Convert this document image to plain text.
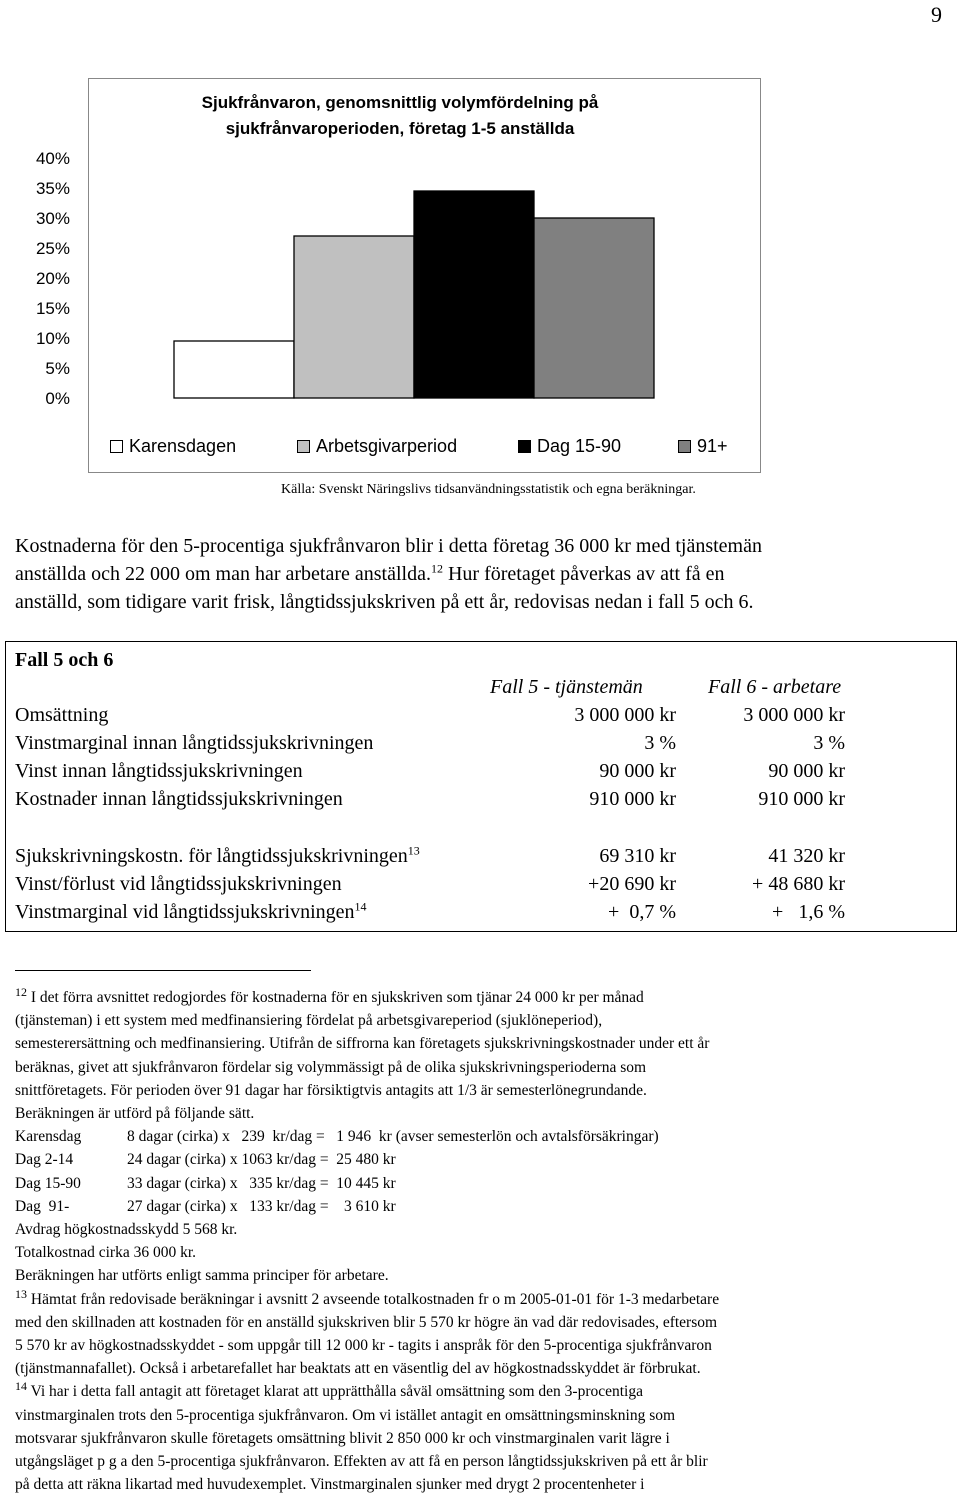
9
Sjukfrånvaron, genomsnittlig volymfördelning på
sjukfrånvaroperioden, företag 1-5 anställda
0%
5%
10%
15%
20%
25%
30%
35%
40%
Karensdagen	Arbetsgivarperiod	Dag 15-90	91+
Källa: Svenskt Näringslivs tidsanvändningsstatistik och egna beräkningar.
Kostnaderna för den 5-procentiga sjukfrånvaron blir i detta företag 36 000 kr med tjänstemän
anställda och 22 000 om man har arbetare anställda.$^{12}$ Hur företaget påverkas av att få en
anställd, som tidigare varit frisk, långtidssjukskriven på ett år, redovisas nedan i fall 5 och 6.
Fall 5 och 6
Fall 5 - tjänstemän	Fall 6 - arbetare
Omsättning	3 000 000 kr	3 000 000 kr
Vinstmarginal innan långtidssjukskrivningen	3 %	3 %
Vinst innan långtidssjukskrivningen	90 000 kr	90 000 kr
Kostnader innan långtidssjukskrivningen	910 000 kr	910 000 kr
Sjukskrivningskostn. för långtidssjukskrivningen$^{13}$	69 310 kr	41 320 kr
Vinst/förlust vid långtidssjukskrivningen	+20 690 kr	+ 48 680 kr
Vinstmarginal vid långtidssjukskrivningen$^{14}$	+  0,7 %	+   1,6 %

$^{12}$ I det förra avsnittet redogjordes för kostnaderna för en sjukskriven som tjänar 24 000 kr per månad

(tjänsteman) i ett system med medfinansiering fördelat på arbetsgivareperiod (sjuklöneperiod),

semesterersättning och medfinansiering. Utifrån de siffrorna kan företagets sjukskrivningskostnader under ett år

beräknas, givet att sjukfrånvaron fördelar sig volymmässigt på de olika sjukskrivningsperioderna som

snittföretagets. För perioden över 91 dagar har försiktigtvis antagits att 1/3 är semesterlönegrundande.

Beräkningen är utförd på följande sätt.

Karensdag	8 dagar (cirka) x   239  kr/dag =   1 946  kr (avser semesterlön och avtalsförsäkringar)
Dag 2-14	24 dagar (cirka) x 1063 kr/dag =  25 480 kr
Dag 15-90	33 dagar (cirka) x   335 kr/dag =  10 445 kr
Dag  91-	27 dagar (cirka) x   133 kr/dag =    3 610 kr

Avdrag högkostnadsskydd 5 568 kr.

Totalkostnad cirka 36 000 kr.

Beräkningen har utförts enligt samma principer för arbetare.

$^{13}$ Hämtat från redovisade beräkningar i avsnitt 2 avseende totalkostnaden fr o m 2005-01-01 för 1-3 medarbetare

med den skillnaden att kostnaden för en anställd sjukskriven blir 5 570 kr högre än vad där redovisades, eftersom

5 570 kr av högkostnadsskyddet - som uppgår till 12 000 kr - tagits i anspråk för den 5-procentiga sjukfrånvaron

(tjänstmannafallet). Också i arbetarefallet har beaktats att en väsentlig del av högkostnadsskyddet är förbrukat.

$^{14}$ Vi har i detta fall antagit att företaget klarat att upprätthålla såväl omsättning som den 3-procentiga

vinstmarginalen trots den 5-procentiga sjukfrånvaron. Om vi istället antagit en omsättningsminskning som

motsvarar sjukfrånvaron skulle företagets omsättning blivit 2 850 000 kr och vinstmarginalen varit lägre i

utgångsläget p g a den 5-procentiga sjukfrånvaron. Effekten av att få en person långtidssjukskriven på ett år blir

på detta att räkna likartad med huvudexemplet. Vinstmarginalen sjunker med drygt 2 procentenheter i
